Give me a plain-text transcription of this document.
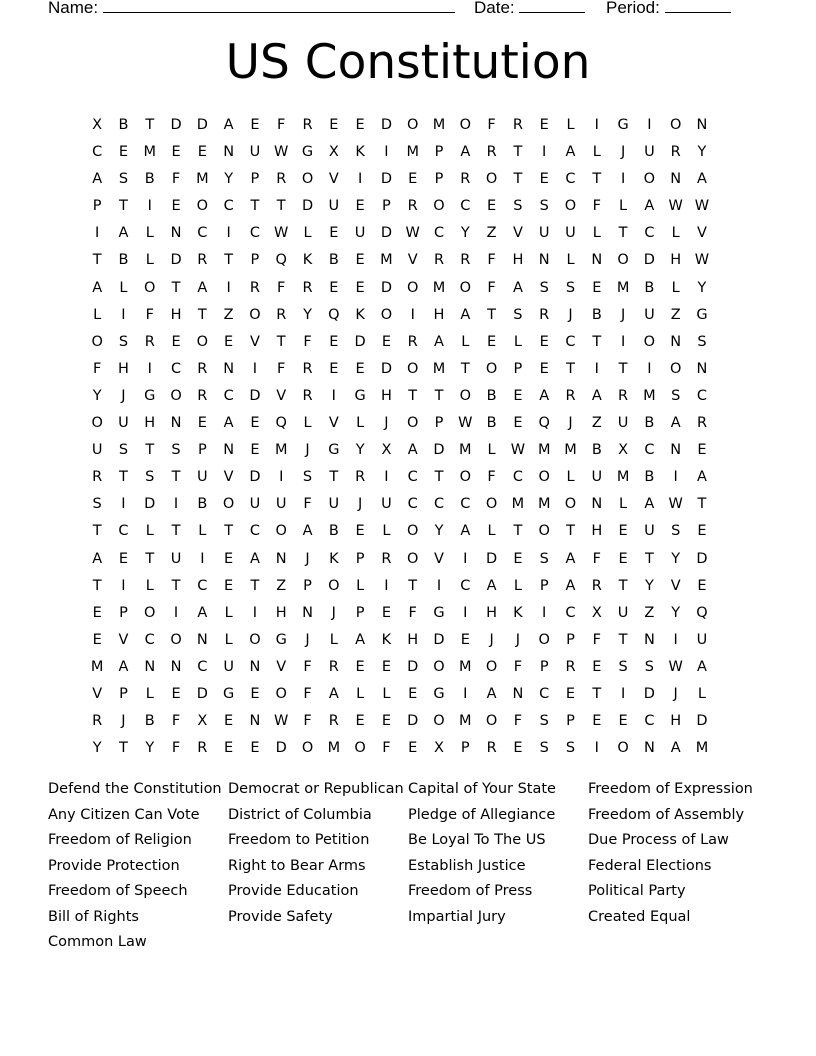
Name:	Date:	Period:
US Constitution
X	B	T	D	D	A	E	F	R	E	E	D	O M O	F	R	E	L	I	G	I	O	N
C	E	M	E	E	N	U W G	X	K	I	M	P	A	R	T	I	A	L	J	U	R	Y
A	S	B	F	M	Y	P	R	O	V	I	D	E	P	R	O	T	E	C	T	I	O	N	A
P	T	I	E	O	C	T	T	D	U	E	P	R	O	C	E	S	S	O	F	L	A W W
I	A	L	N	C	I	C W	L	E	U	D W C	Y	Z	V	U	U	L	T	C	L	V
T	B	L	D	R	T	P	Q	K	B	E	M	V	R	R	F	H	N	L	N	O	D	H W
A	L	O	T	A	I	R	F	R	E	E	D	O M O	F	A	S	S	E	M	B	L	Y
L	I	F	H	T	Z	O	R	Y	Q	K	O	I	H	A	T	S	R	J	B	J	U	Z	G
O	S	R	E	O	E	V	T	F	E	D	E	R	A	L	E	L	E	C	T	I	O	N	S
F	H	I	C	R	N	I	F	R	E	E	D	O M	T	O	P	E	T	I	T	I	O	N
Y	J	G	O	R	C	D	V	R	I	G	H	T	T	O	B	E	A	R	A	R	M	S	C
O	U	H	N	E	A	E	Q	L	V	L	J	O	P	W B	E	Q	J	Z	U	B	A	R
U	S	T	S	P	N	E	M	J	G	Y	X	A	D M	L	W M M	B	X	C	N	E
R	T	S	T	U	V	D	I	S	T	R	I	C	T	O	F	C	O	L	U	M	B	I	A
S	I	D	I	B	O	U	U	F	U	J	U	C	C	C	O M M O	N	L	A W	T
T	C	L	T	L	T	C	O	A	B	E	L	O	Y	A	L	T	O	T	H	E	U	S	E
A	E	T	U	I	E	A	N	J	K	P	R	O	V	I	D	E	S	A	F	E	T	Y	D
T	I	L	T	C	E	T	Z	P	O	L	I	T	I	C	A	L	P	A	R	T	Y	V	E
E	P	O	I	A	L	I	H	N	J	P	E	F	G	I	H	K	I	C	X	U	Z	Y	Q
E	V	C	O	N	L	O	G	J	L	A	K	H	D	E	J	J	O	P	F	T	N	I	U
M	A	N	N	C	U	N	V	F	R	E	E	D	O M O	F	P	R	E	S	S	W A
V	P	L	E	D	G	E	O	F	A	L	L	E	G	I	A	N	C	E	T	I	D	J	L
R	J	B	F	X	E	N W	F	R	E	E	D	O M O	F	S	P	E	E	C	H	D
Y	T	Y	F	R	E	E	D	O M O	F	E	X	P	R	E	S	S	I	O	N	A	M
Defend the Constitution
Any Citizen Can Vote
Freedom of Religion
Provide Protection
Freedom of Speech
Bill of Rights
Common Law
Democrat or Republican
District of Columbia
Freedom to Petition
Right to Bear Arms
Provide Education
Provide Safety
Capital of Your State
Pledge of Allegiance
Be Loyal To The US
Establish Justice
Freedom of Press
Impartial Jury
Freedom of Expression
Freedom of Assembly
Due Process of Law
Federal Elections
Political Party
Created Equal
